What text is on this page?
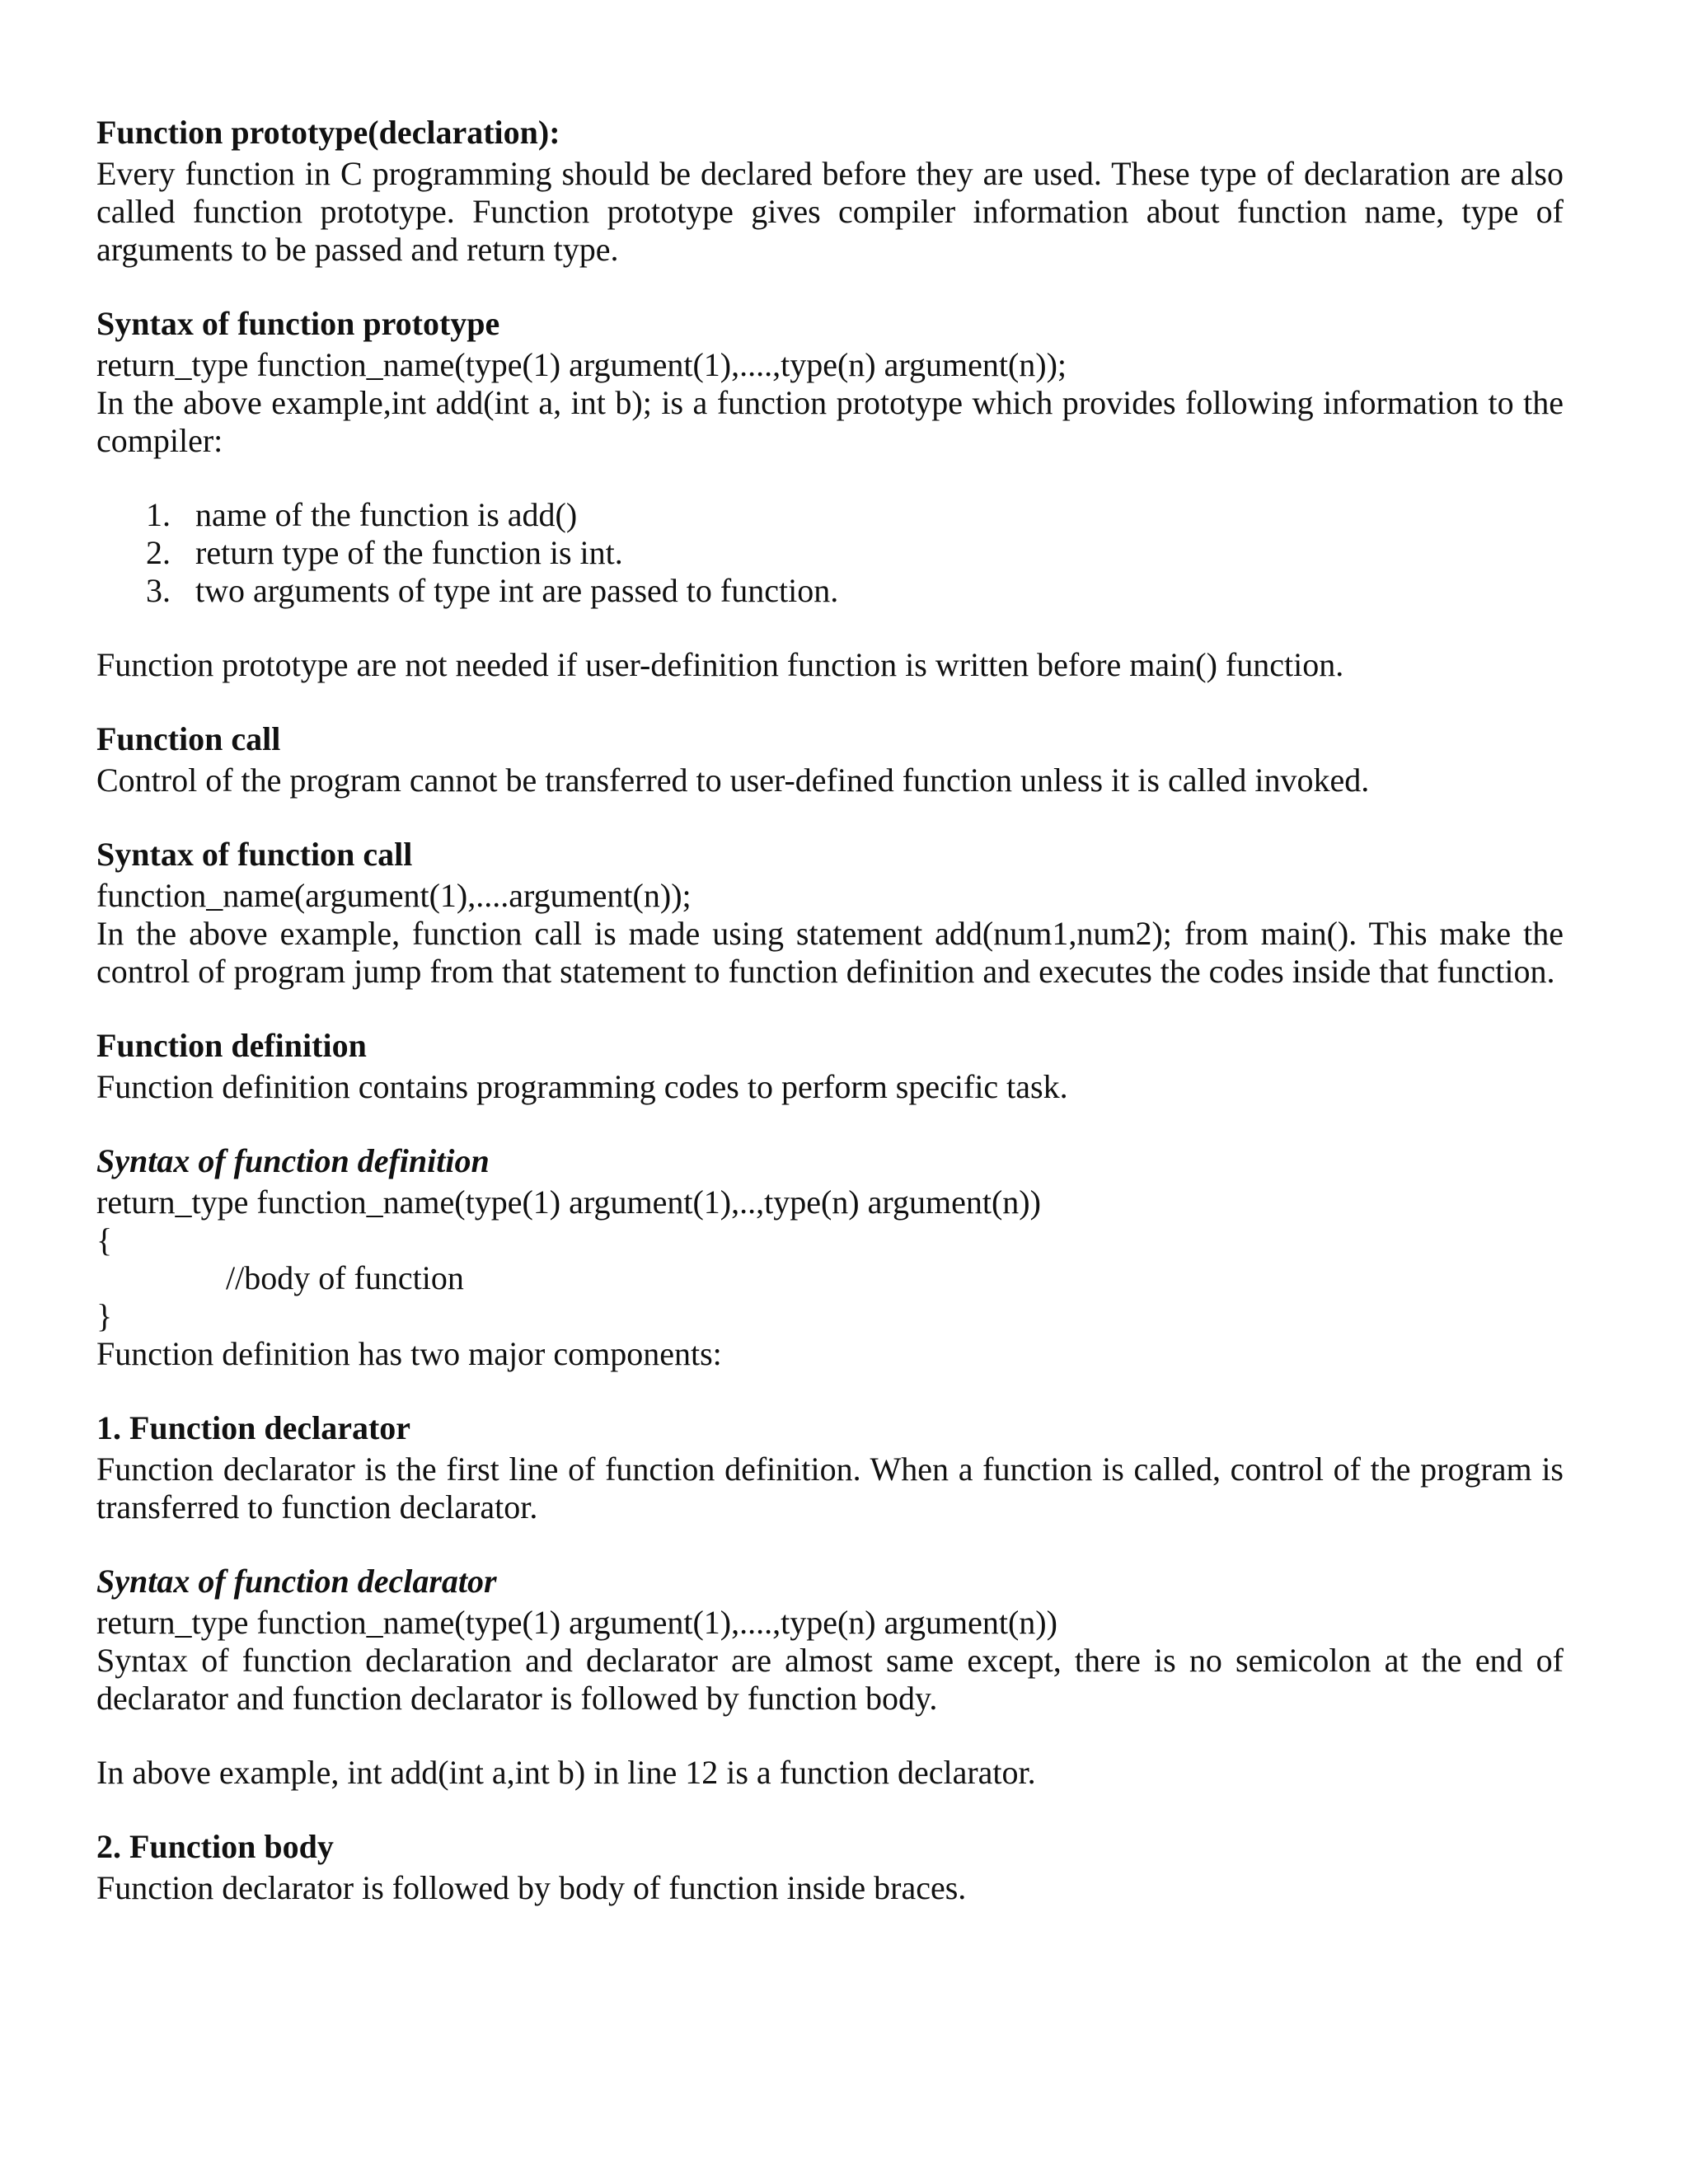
Function prototype(declaration):

Every function in C programming should be declared before they are used. These type of declaration are also called function prototype. Function prototype gives compiler information about function name, type of arguments to be passed and return type.

Syntax of function prototype

return_type function_name(type(1) argument(1),....,type(n) argument(n));

In the above example,int add(int a, int b); is a function prototype which provides following information to the compiler:

1. name of the function is add()
2. return type of the function is int.
3. two arguments of type int are passed to function.

Function prototype are not needed if user-definition function is written before main() function.

Function call

Control of the program cannot be transferred to user-defined function unless it is called invoked.

Syntax of function call

function_name(argument(1),....argument(n));

In the above example, function call is made using statement add(num1,num2); from main(). This make the control of program jump from that statement to function definition and executes the codes inside that function.

Function definition

Function definition contains programming codes to perform specific task.

Syntax of function definition

return_type function_name(type(1) argument(1),..,type(n) argument(n))

{

//body of function

}

Function definition has two major components:

1. Function declarator

Function declarator is the first line of function definition. When a function is called, control of the program is transferred to function declarator.

Syntax of function declarator

return_type function_name(type(1) argument(1),....,type(n) argument(n))

Syntax of function declaration and declarator are almost same except, there is no semicolon at the end of declarator and function declarator is followed by function body.

In above example, int add(int a,int b) in line 12 is a function declarator.

2. Function body

Function declarator is followed by body of function inside braces.
